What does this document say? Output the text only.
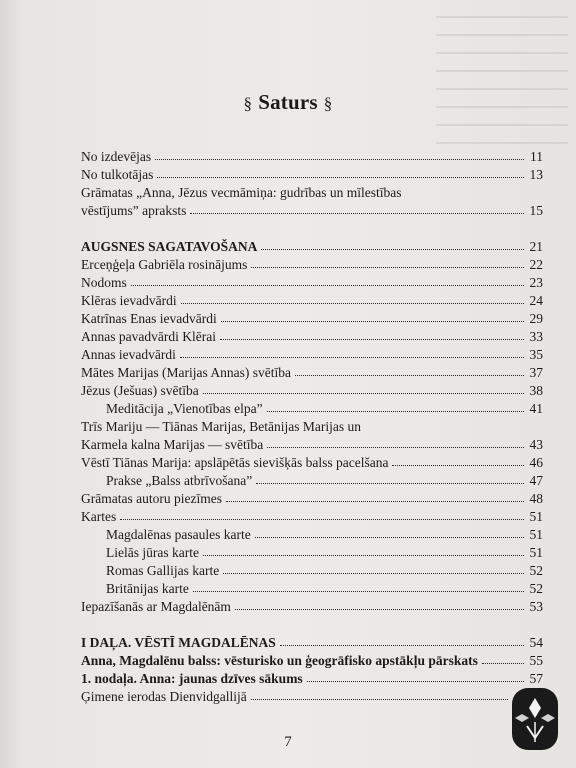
§ Saturs §
No izdevējas	11
No tulkotājas	13
Grāmatas „Anna, Jēzus vecmāmiņa: gudrības un mīlestības
vēstījums” apraksts	15
AUGSNES SAGATAVOŠANA	21
Erceņģeļa Gabriēla rosinājums	22
Nodoms	23
Klēras ievadvārdi	24
Katrīnas Enas ievadvārdi	29
Annas pavadvārdi Klērai	33
Annas ievadvārdi	35
Mātes Marijas (Marijas Annas) svētība	37
Jēzus (Ješuas) svētība	38
Meditācija „Vienotības elpa”	41
Trīs Mariju — Tiānas Marijas, Betānijas Marijas un
Karmela kalna Marijas — svētība	43
Vēstī Tiānas Marija: apslāpētās sievišķās balss pacelšana	46
Prakse „Balss atbrīvošana”	47
Grāmatas autoru piezīmes	48
Kartes	51
Magdalēnas pasaules karte	51
Lielās jūras karte	51
Romas Gallijas karte	52
Britānijas karte	52
Iepazīšanās ar Magdalēnām	53
I DAĻA. VĒSTĪ MAGDALĒNAS	54
Anna, Magdalēnu balss: vēsturisko un ģeogrāfisko apstākļu pārskats	55
1. nodaļa. Anna: jaunas dzīves sākums	57
Ģimene ierodas Dienvidgallijā
7
